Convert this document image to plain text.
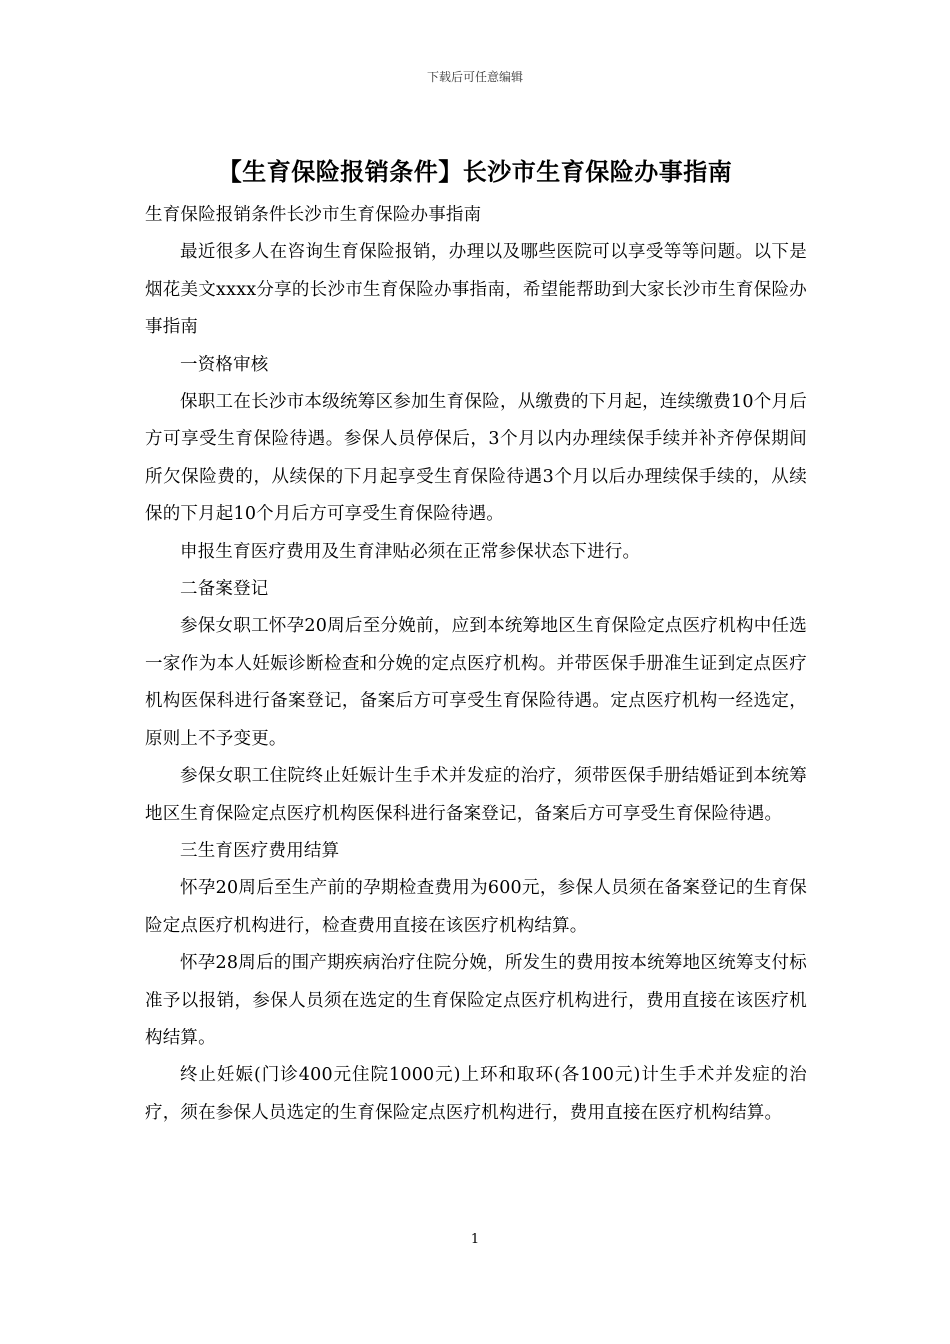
下载后可任意编辑
【生育保险报销条件】长沙市生育保险办事指南

生育保险报销条件长沙市生育保险办事指南

最近很多人在咨询生育保险报销，办理以及哪些医院可以享受等等问题。以下是烟花美文xxxx分享的长沙市生育保险办事指南，希望能帮助到大家长沙市生育保险办事指南

一资格审核

保职工在长沙市本级统筹区参加生育保险，从缴费的下月起，连续缴费10个月后方可享受生育保险待遇。参保人员停保后，3个月以内办理续保手续并补齐停保期间所欠保险费的，从续保的下月起享受生育保险待遇3个月以后办理续保手续的，从续保的下月起10个月后方可享受生育保险待遇。

申报生育医疗费用及生育津贴必须在正常参保状态下进行。

二备案登记

参保女职工怀孕20周后至分娩前，应到本统筹地区生育保险定点医疗机构中任选一家作为本人妊娠诊断检查和分娩的定点医疗机构。并带医保手册准生证到定点医疗机构医保科进行备案登记，备案后方可享受生育保险待遇。定点医疗机构一经选定，原则上不予变更。

参保女职工住院终止妊娠计生手术并发症的治疗，须带医保手册结婚证到本统筹地区生育保险定点医疗机构医保科进行备案登记，备案后方可享受生育保险待遇。

三生育医疗费用结算

怀孕20周后至生产前的孕期检查费用为600元，参保人员须在备案登记的生育保险定点医疗机构进行，检查费用直接在该医疗机构结算。

怀孕28周后的围产期疾病治疗住院分娩，所发生的费用按本统筹地区统筹支付标准予以报销，参保人员须在选定的生育保险定点医疗机构进行，费用直接在该医疗机构结算。

终止妊娠(门诊400元住院1000元)上环和取环(各100元)计生手术并发症的治疗，须在参保人员选定的生育保险定点医疗机构进行，费用直接在医疗机构结算。

1
